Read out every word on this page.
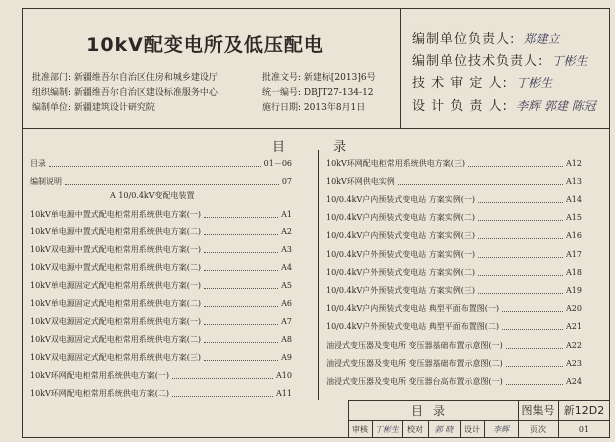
10kV配变电所及低压配电
批准部门: 新疆维吾尔自治区住房和城乡建设厅	批准文号: 新建标[2013]6号
组织编制: 新疆维吾尔自治区建设标准服务中心	统一编号: DBJT27-134-12
编制单位: 新疆建筑设计研究院	施行日期: 2013年8月1日
编制单位负责人: 郑建立
编制单位技术负责人: 丁彬生
技 术 审 定 人: 丁彬生
设 计 负 责 人: 李辉 郭建 陈冠
目 录
目录	01－06
编制说明	07
10kV单电源中置式配电柜常用系统供电方案(一)	A1
10kV单电源中置式配电柜常用系统供电方案(二)	A2
10kV双电源中置式配电柜常用系统供电方案(一)	A3
10kV双电源中置式配电柜常用系统供电方案(二)	A4
10kV单电源固定式配电柜常用系统供电方案(一)	A5
10kV单电源固定式配电柜常用系统供电方案(二)	A6
10kV双电源固定式配电柜常用系统供电方案(一)	A7
10kV双电源固定式配电柜常用系统供电方案(二)	A8
10kV双电源固定式配电柜常用系统供电方案(三)	A9
10kV环网配电柜常用系统供电方案(一)	A10
10kV环网配电柜常用系统供电方案(二)	A11
10kV环网配电柜常用系统供电方案(三)	A12
10kV环网供电实例	A13
10/0.4kV户内预装式变电站 方案实例(一)	A14
10/0.4kV户内预装式变电站 方案实例(二)	A15
10/0.4kV户内预装式变电站 方案实例(三)	A16
10/0.4kV户外预装式变电站 方案实例(一)	A17
10/0.4kV户外预装式变电站 方案实例(二)	A18
10/0.4kV户外预装式变电站 方案实例(三)	A19
10/0.4kV户内预装式变电站 典型平面布置图(一)	A20
10/0.4kV户外预装式变电站 典型平面布置图(二)	A21
油浸式变压器及变电所 变压器基础布置示意图(一)	A22
油浸式变压器及变电所 变压器基础布置示意图(二)	A23
油浸式变压器及变电所 变压器台高布置示意图(一)	A24
A 10/0.4kV变配电装置
目录	图集号 新12D2
审核 丁彬生	校对	郭 晓	设计	李辉	页次	01
